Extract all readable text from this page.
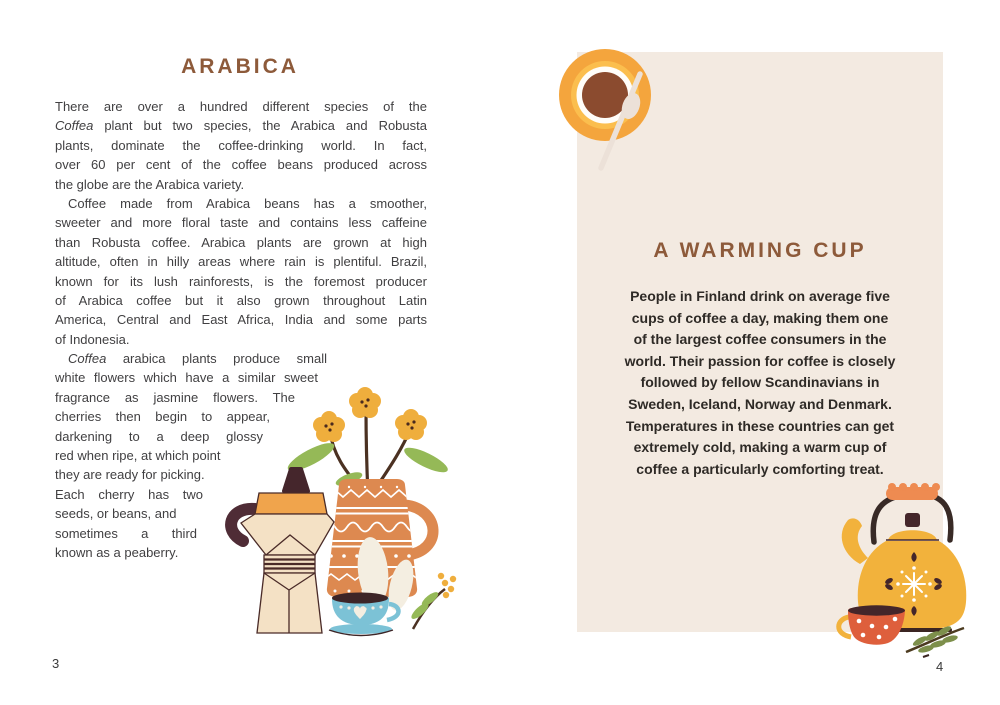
ARABICA
There are over a hundred different species of the
Coffea plant but two species, the Arabica and Robusta
plants, dominate the coffee-drinking world. In fact,
over 60 per cent of the coffee beans produced across
the globe are the Arabica variety.
Coffee made from Arabica beans has a smoother,
sweeter and more floral taste and contains less caffeine
than Robusta coffee. Arabica plants are grown at high
altitude, often in hilly areas where rain is plentiful. Brazil,
known for its lush rainforests, is the foremost producer
of Arabica coffee but it also grown throughout Latin
America, Central and East Africa, India and some parts
of Indonesia.
Coffea arabica plants produce small
white flowers which have a similar sweet
fragrance as jasmine flowers. The
cherries then begin to appear,
darkening to a deep glossy
red when ripe, at which point
they are ready for picking.
Each cherry has two
seeds, or beans, and
sometimes a third
known as a peaberry.
3
A WARMING CUP
People in Finland drink on average five
cups of coffee a day, making them one
of the largest coffee consumers in the
world. Their passion for coffee is closely
followed by fellow Scandinavians in
Sweden, Iceland, Norway and Denmark.
Temperatures in these countries can get
extremely cold, making a warm cup of
coffee a particularly comforting treat.
4
